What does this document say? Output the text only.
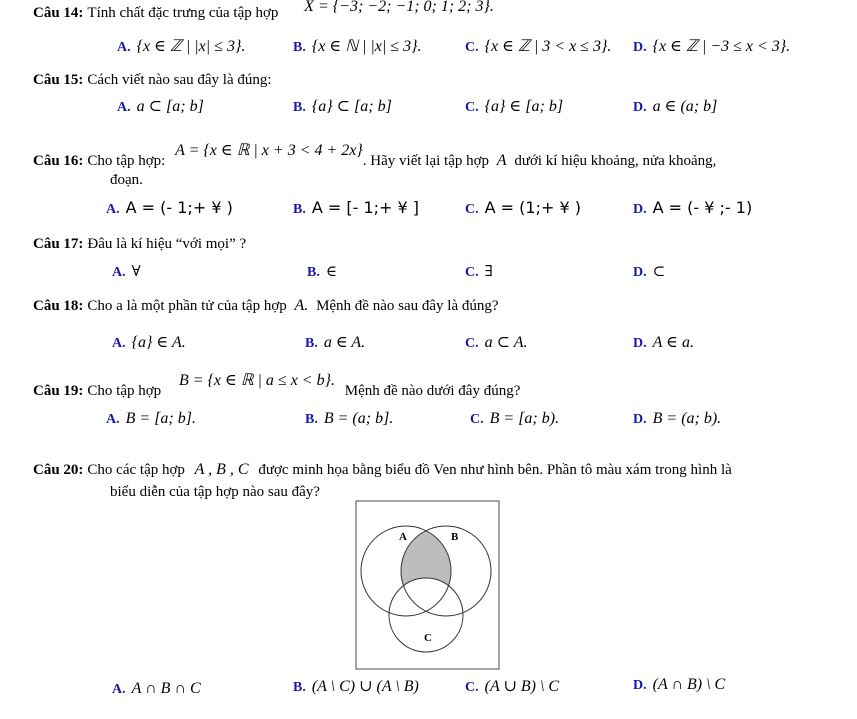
Câu 14: Tính chất đặc trưng của tập hợp X = {−3; −2; −1; 0; 1; 2; 3}.
A. {x ∈ ℤ | |x| ≤ 3}.	B. {x ∈ ℕ | |x| ≤ 3}.	C. {x ∈ ℤ | 3 < x ≤ 3}. D. {x ∈ ℤ | −3 ≤ x < 3}.
Câu 15: Cách viết nào sau đây là đúng:
A. a ⊂ [a; b]	B. {a} ⊂ [a; b]	C. {a} ∈ [a; b]	D. a ∈ (a; b]
Câu 16: Cho tập hợp: A = {x ∈ ℝ | x + 3 < 4 + 2x}. Hãy viết lại tập hợp A dưới kí hiệu khoảng, nửa khoảng,
đoạn.
A. A = (- 1;+ ¥ )	B. A = [- 1;+ ¥ ]	C. A = (1;+ ¥ )	D. A = (- ¥ ;- 1)
Câu 17: Đâu là kí hiệu “với mọi” ?
A. ∀	B. ∈	C. ∃	D. ⊂
Câu 18: Cho a là một phần tử của tập hợp A. Mệnh đề nào sau đây là đúng?
A. {a} ∈ A.	B. a ∈ A.	C. a ⊂ A.	D. A ∈ a.
Câu 19: Cho tập hợp B = {x ∈ ℝ | a ≤ x < b}. Mệnh đề nào dưới đây đúng?
A. B = [a; b].	B. B = (a; b].	C. B = [a; b).	D. B = (a; b).
Câu 20: Cho các tập hợp A , B , C được minh họa bằng biểu đồ Ven như hình bên. Phần tô màu xám trong hình là
biểu diễn của tập hợp nào sau đây?
A	B
C
A. A ∩ B ∩ C	B. (A \ C) ∪ (A \ B)	C. (A ∪ B) \ C	D. (A ∩ B) \ C
